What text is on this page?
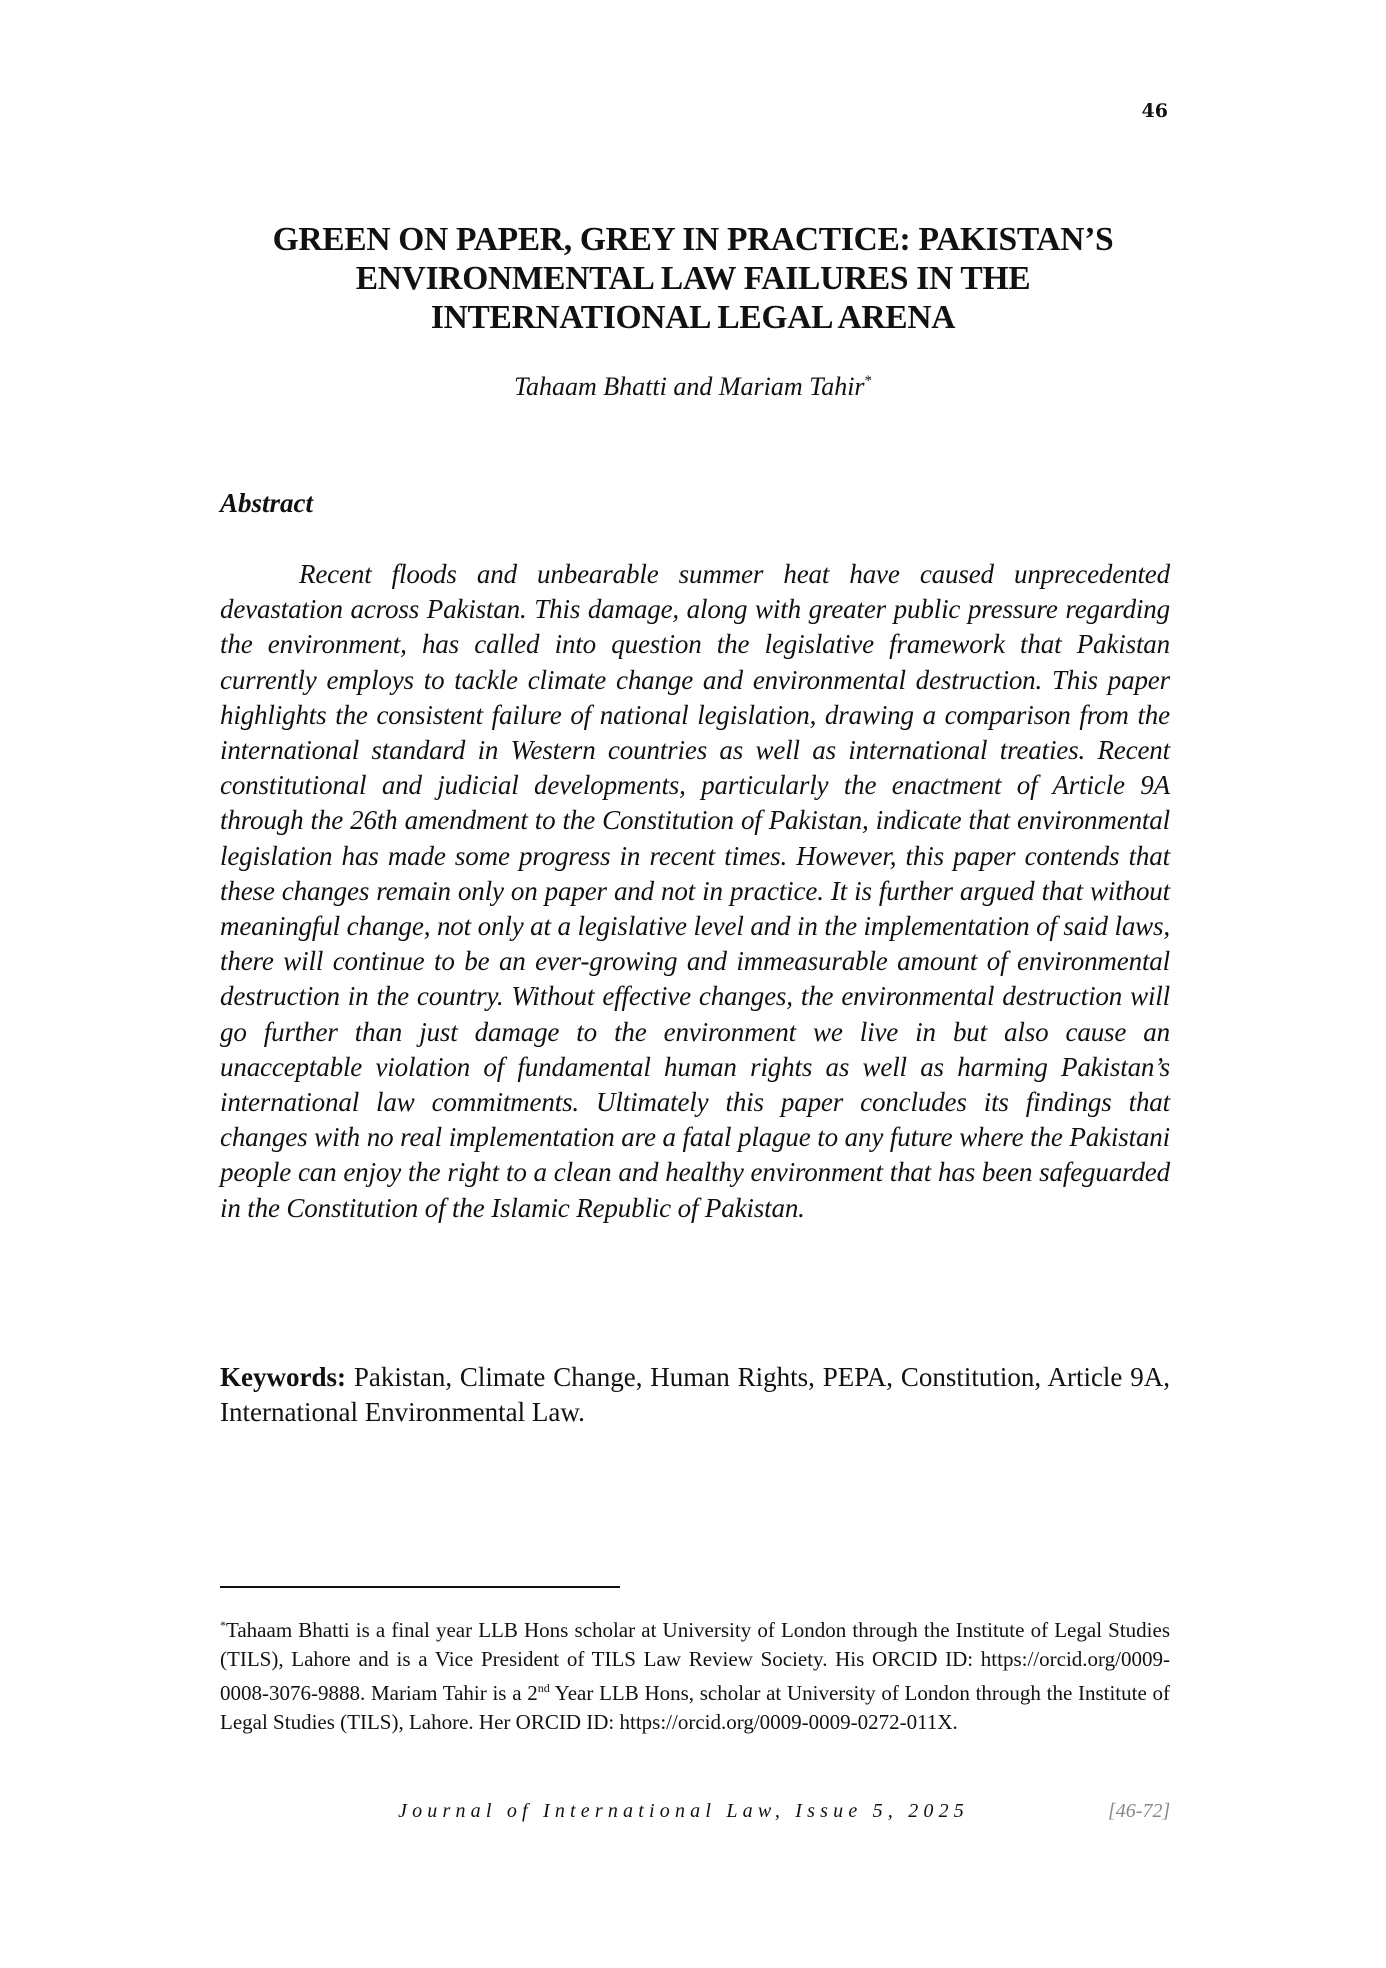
46
GREEN ON PAPER, GREY IN PRACTICE: PAKISTAN’S
ENVIRONMENTAL LAW FAILURES IN THE
INTERNATIONAL LEGAL ARENA
Tahaam Bhatti and Mariam Tahir*
Abstract
Recent floods and unbearable summer heat have caused unprecedented devastation across Pakistan. This damage, along with greater public pressure regarding the environment, has called into question the legislative framework that Pakistan currently employs to tackle climate change and environmental destruction. This paper highlights the consistent failure of national legislation, drawing a comparison from the international standard in Western countries as well as international treaties. Recent constitutional and judicial developments, particularly the enactment of Article 9A through the 26th amendment to the Constitution of Pakistan, indicate that environmental legislation has made some progress in recent times. However, this paper contends that these changes remain only on paper and not in practice. It is further argued that without meaningful change, not only at a legislative level and in the implementation of said laws, there will continue to be an ever-growing and immeasurable amount of environmental destruction in the country. Without effective changes, the environmental destruction will go further than just damage to the environment we live in but also cause an unacceptable violation of fundamental human rights as well as harming Pakistan’s international law commitments. Ultimately this paper concludes its findings that changes with no real implementation are a fatal plague to any future where the Pakistani people can enjoy the right to a clean and healthy environment that has been safeguarded in the Constitution of the Islamic Republic of Pakistan.
Keywords: Pakistan, Climate Change, Human Rights, PEPA, Constitution, Article 9A, International Environmental Law.
*Tahaam Bhatti is a final year LLB Hons scholar at University of London through the Institute of Legal Studies (TILS), Lahore and is a Vice President of TILS Law Review Society. His ORCID ID: https://orcid.org/0009-0008-3076-9888. Mariam Tahir is a 2nd Year LLB Hons, scholar at University of London through the Institute of Legal Studies (TILS), Lahore. Her ORCID ID: https://orcid.org/0009-0009-0272-011X.
Journal of International Law, Issue 5, 2025	[46-72]
